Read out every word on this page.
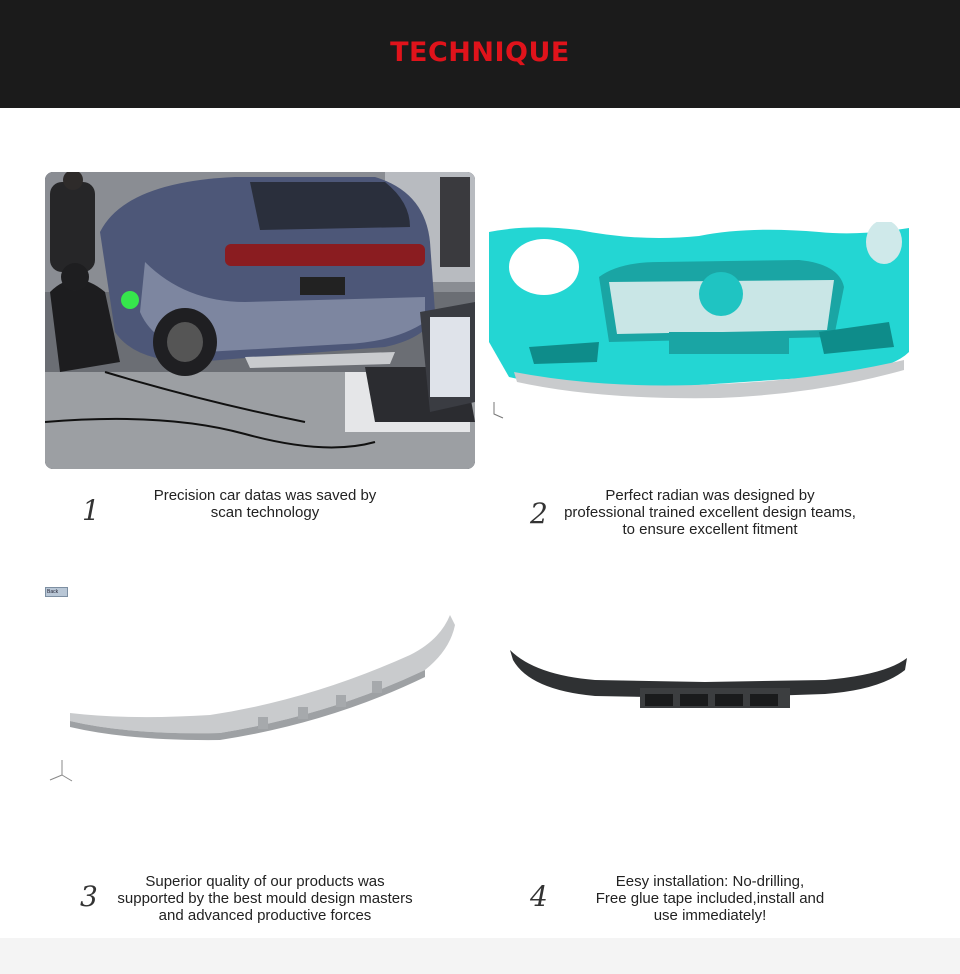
TECHNIQUE
Back
1	Precision car datas was saved by
scan technology	2
Perfect radian was designed by
professional trained excellent design teams,
to ensure excellent fitment
3	Superior quality of our products was
supported by the best mould design masters
and advanced productive forces
4	Eesy installation: No-drilling,
Free glue tape included,install and
use immediately!
